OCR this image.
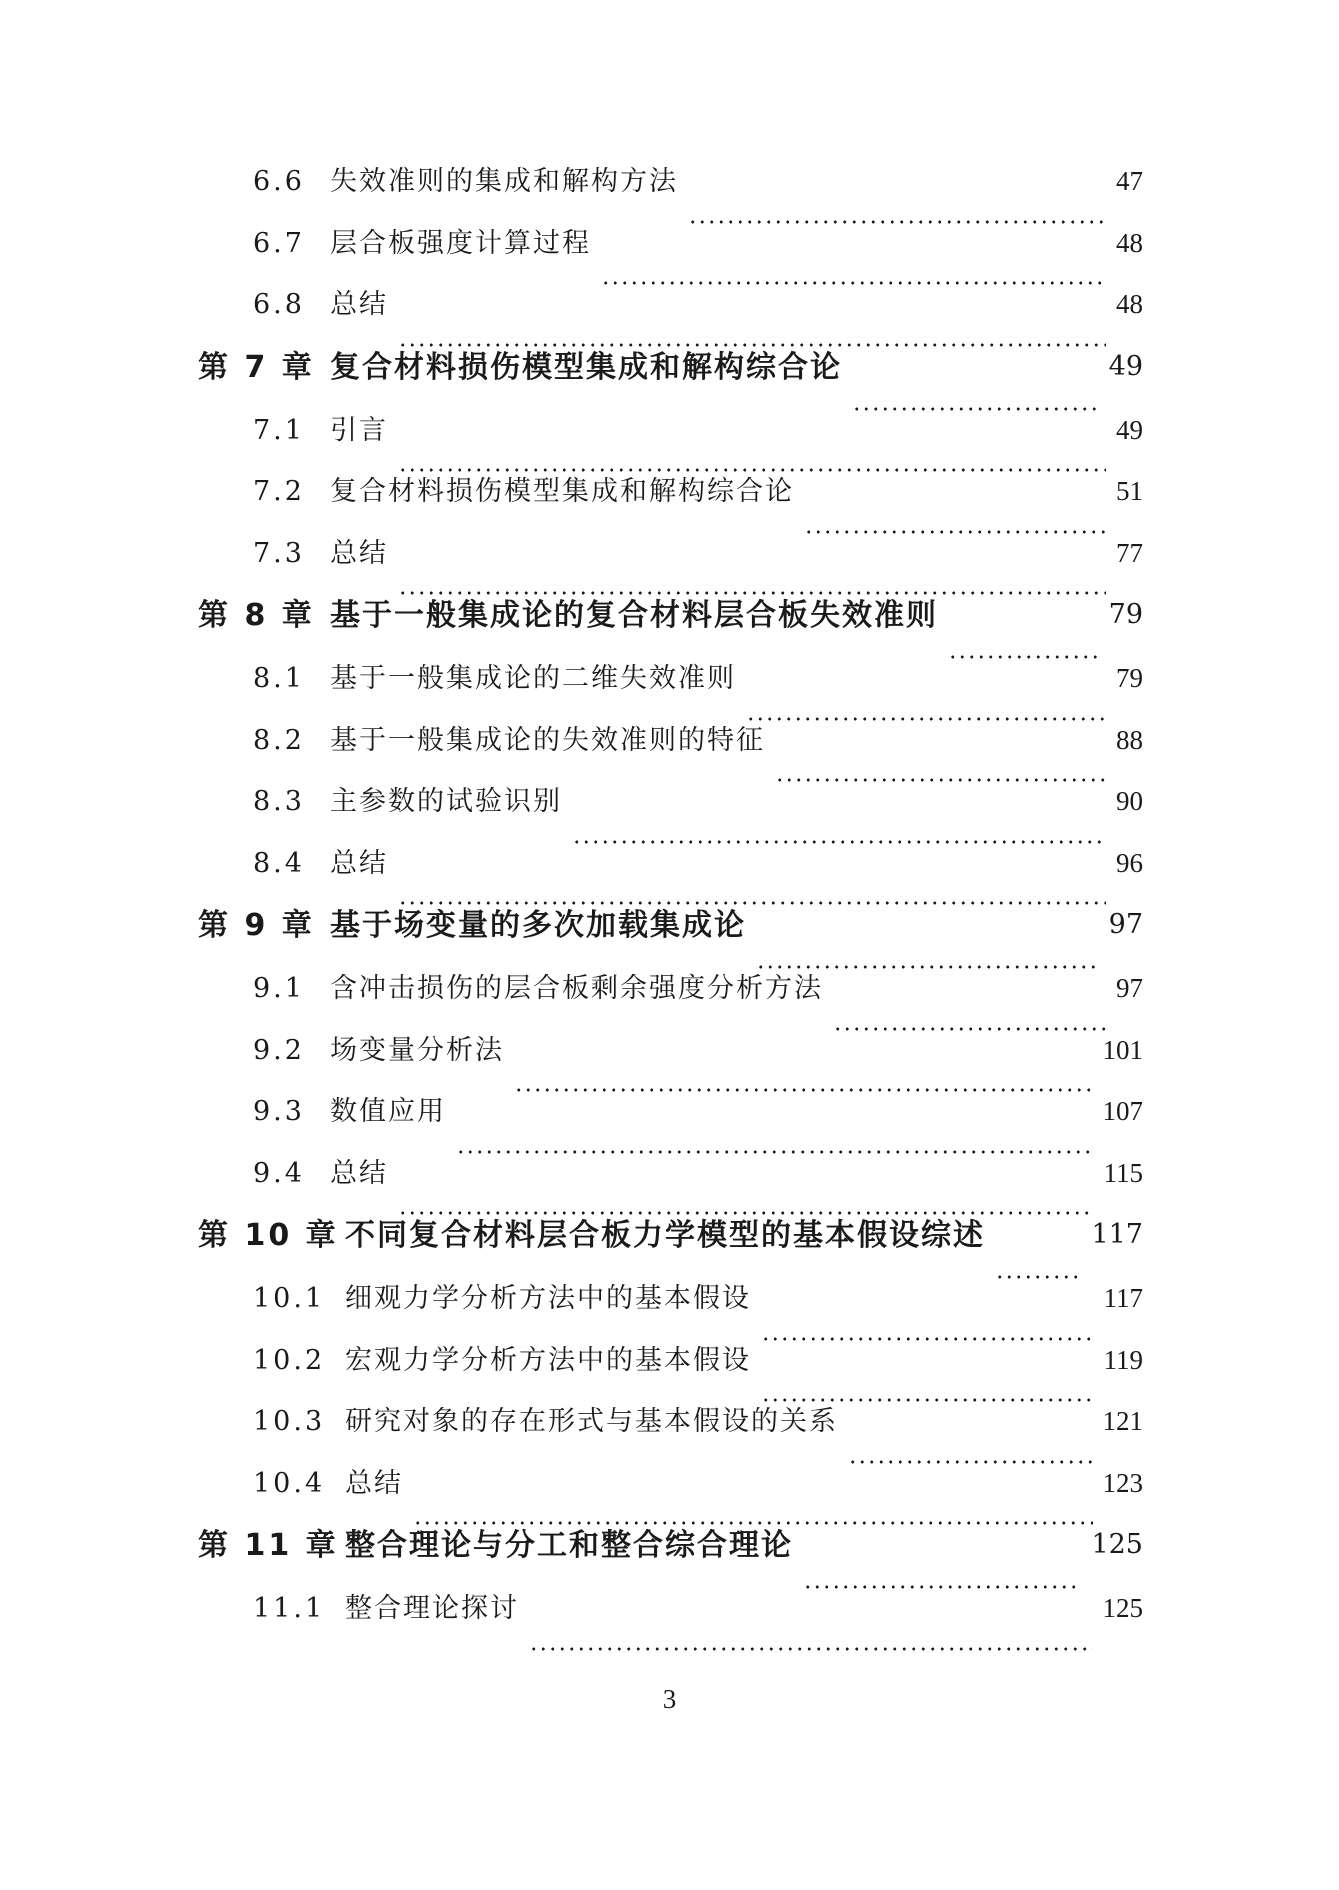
6.6 失效准则的集成和解构方法	47
6.7 层合板强度计算过程	48
6.8 总结	48
第 7 章 复合材料损伤模型集成和解构综合论	49
7.1 引言	49
7.2 复合材料损伤模型集成和解构综合论	51
7.3 总结	77
第 8 章 基于一般集成论的复合材料层合板失效准则	79
8.1 基于一般集成论的二维失效准则	79
8.2 基于一般集成论的失效准则的特征	88
8.3 主参数的试验识别	90
8.4 总结	96
第 9 章 基于场变量的多次加载集成论	97
9.1 含冲击损伤的层合板剩余强度分析方法	97
9.2 场变量分析法	101
9.3 数值应用	107
9.4 总结	115
第 10 章 不同复合材料层合板力学模型的基本假设综述	117
10.1 细观力学分析方法中的基本假设	117
10.2 宏观力学分析方法中的基本假设	119
10.3 研究对象的存在形式与基本假设的关系	121
10.4 总结	123
第 11 章 整合理论与分工和整合综合理论	125
11.1 整合理论探讨	125
3
